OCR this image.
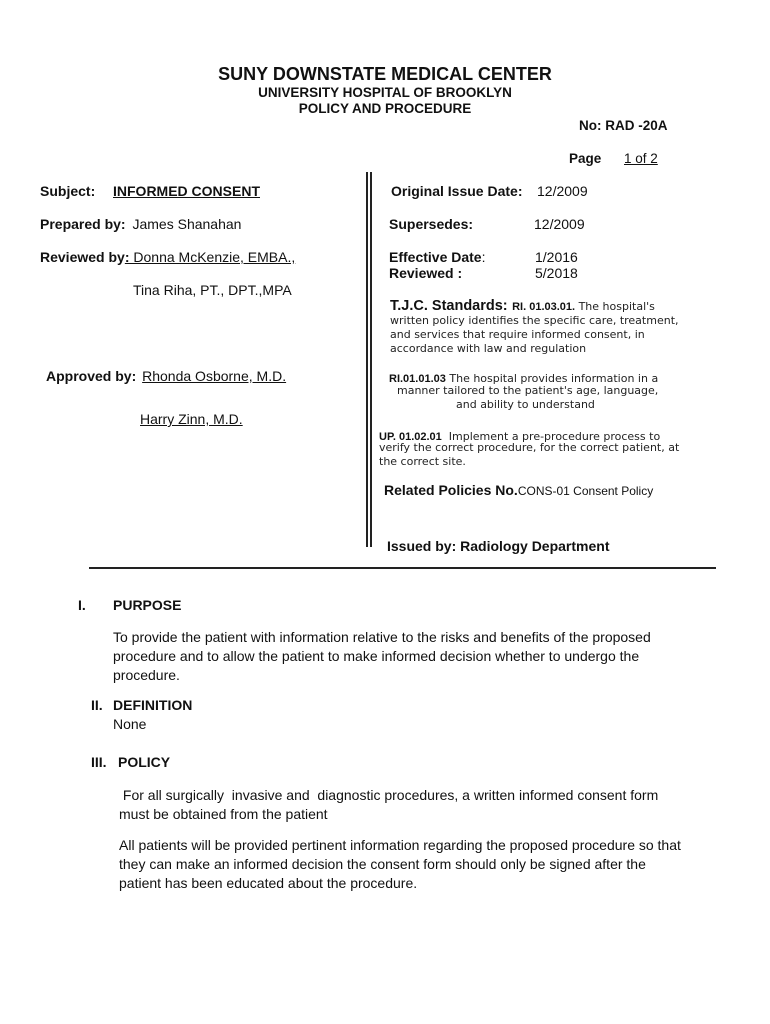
SUNY DOWNSTATE MEDICAL CENTER
UNIVERSITY HOSPITAL OF BROOKLYN
POLICY AND PROCEDURE
No: RAD -20A
Page 1 of 2
Subject: INFORMED CONSENT
Prepared by: James Shanahan
Reviewed by: Donna McKenzie, EMBA.,
Tina Riha, PT., DPT.,MPA
Approved by: Rhonda Osborne, M.D.
Harry Zinn, M.D.
Original Issue Date: 12/2009
Supersedes:	12/2009
Effective Date:	1/2016
Reviewed :	5/2018
T.J.C. Standards: RI. 01.03.01. The hospital's
written policy identifies the specific care, treatment,
and services that require informed consent, in
accordance with law and regulation
RI.01.01.03 The hospital provides information in a
manner tailored to the patient's age, language,
and ability to understand
UP. 01.02.01  Implement a pre-procedure process to
verify the correct procedure, for the correct patient, at
the correct site.
Related Policies No.CONS-01 Consent Policy
Issued by: Radiology Department
I. PURPOSE
To provide the patient with information relative to the risks and benefits of the proposed procedure and to allow the patient to make informed decision whether to undergo the procedure.
II. DEFINITION
None
III. POLICY
For all surgically  invasive and  diagnostic procedures, a written informed consent form must be obtained from the patient
All patients will be provided pertinent information regarding the proposed procedure so that they can make an informed decision the consent form should only be signed after the patient has been educated about the procedure.
